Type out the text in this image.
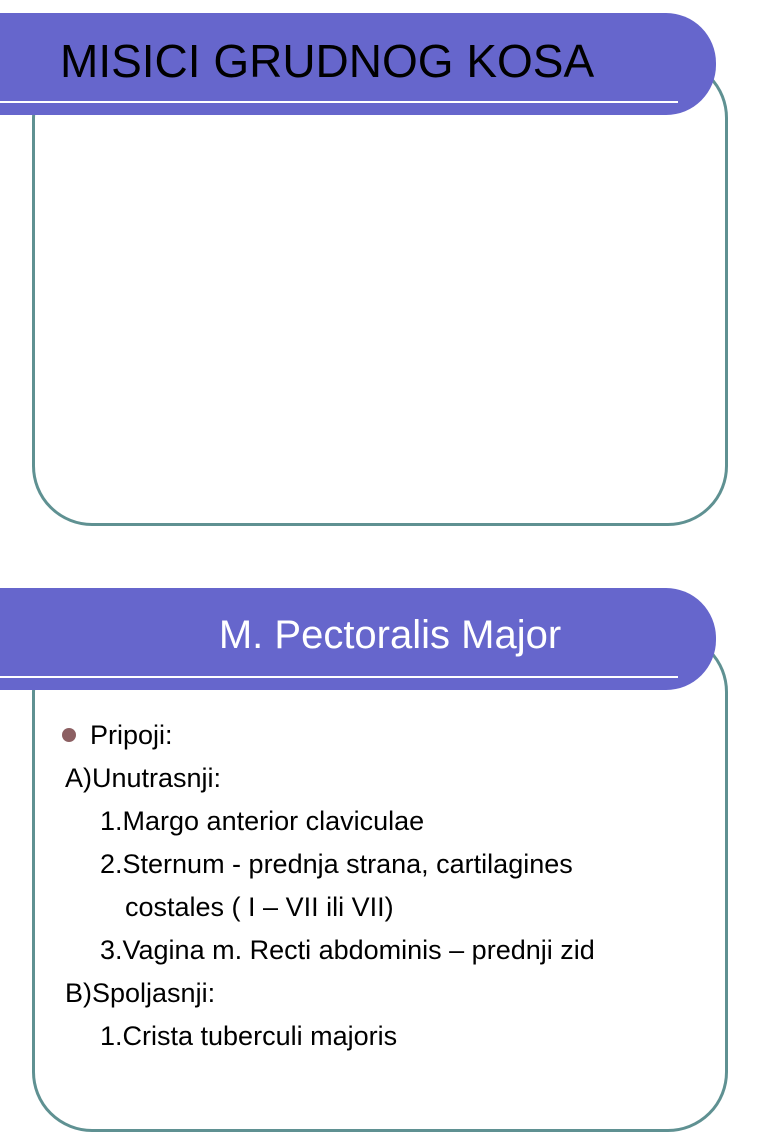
MISICI GRUDNOG KOSA
M. Pectoralis Major
Pripoji:
A)Unutrasnji:
1.Margo anterior claviculae
2.Sternum - prednja strana, cartilagines
costales ( I – VII ili VII)
3.Vagina m. Recti abdominis – prednji zid
B)Spoljasnji:
1.Crista tuberculi majoris
